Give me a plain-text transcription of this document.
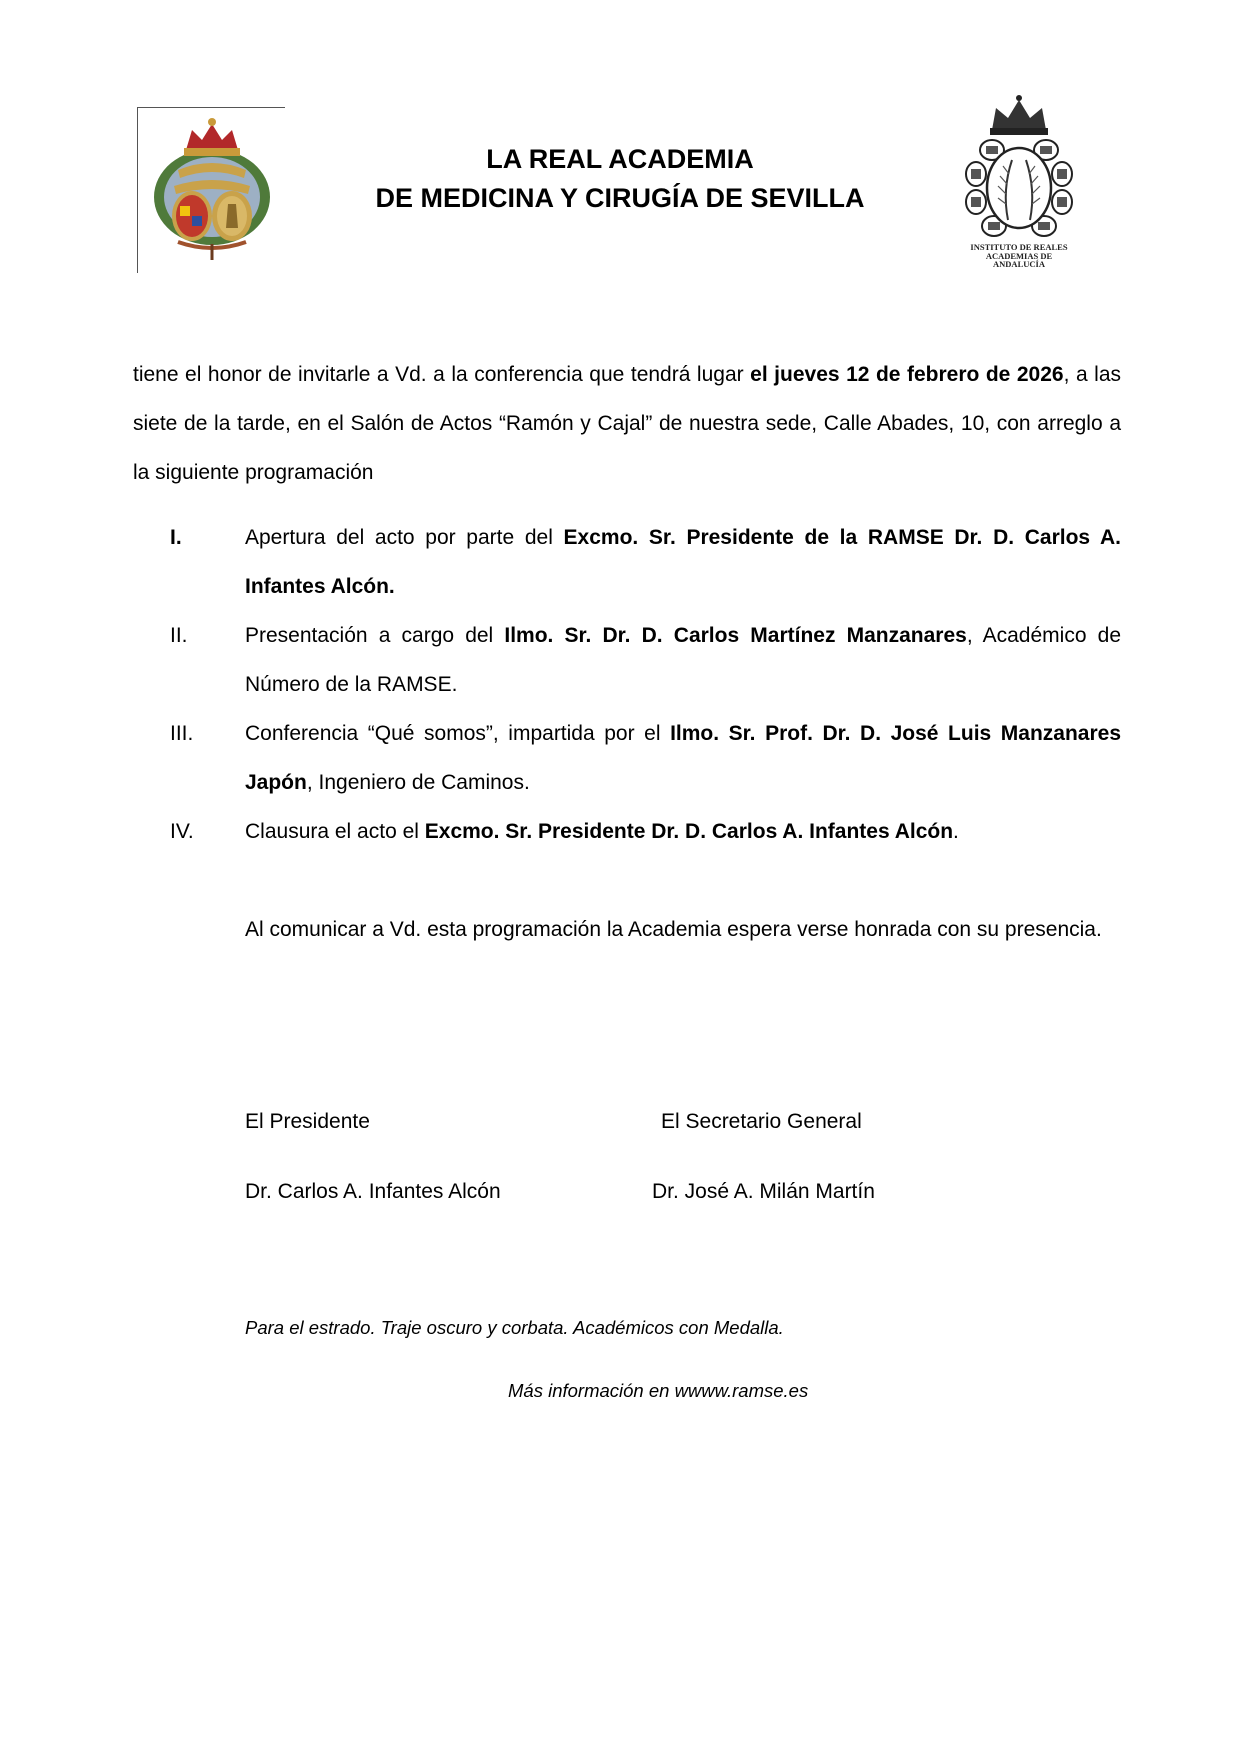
LA REAL ACADEMIA
DE MEDICINA Y CIRUGÍA DE SEVILLA
INSTITUTO DE REALES
ACADEMIAS DE
ANDALUCÍA
tiene el honor de invitarle a Vd. a la conferencia que tendrá lugar el jueves 12 de febrero de 2026, a las siete de la tarde, en el Salón de Actos “Ramón y Cajal” de nuestra sede, Calle Abades, 10, con arreglo a la siguiente programación
I.	Apertura del acto por parte del Excmo. Sr. Presidente de la RAMSE Dr. D. Carlos A. Infantes Alcón.
II.	Presentación a cargo del Ilmo. Sr. Dr. D. Carlos Martínez Manzanares, Académico de Número de la RAMSE.
III. Conferencia “Qué somos”, impartida por el Ilmo. Sr. Prof. Dr. D. José Luis Manzanares Japón, Ingeniero de Caminos.
IV. Clausura el acto el Excmo. Sr. Presidente Dr. D. Carlos A. Infantes Alcón.
Al comunicar a Vd. esta programación la Academia espera verse honrada con su presencia.
El Presidente	El Secretario General
Dr. Carlos A. Infantes Alcón	Dr. José A. Milán Martín
Para el estrado. Traje oscuro y corbata. Académicos con Medalla.
Más información en wwww.ramse.es
